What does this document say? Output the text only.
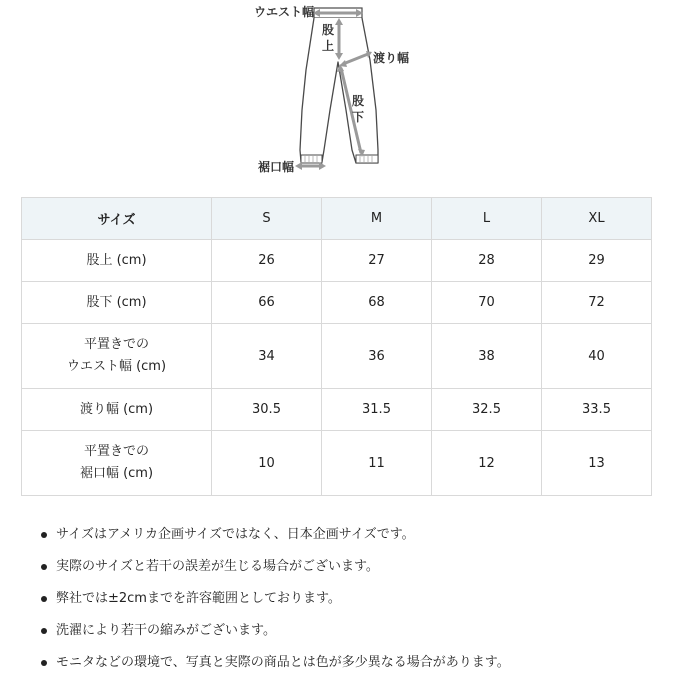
ウエスト幅
股上
渡り幅
股下
裾口幅
サイズ	S	M	L	XL

股上 (cm)	26	27	28	29

股下 (cm)	66	68	70	72

平置きでの
ウエスト幅 (cm)	34	36	38	40

渡り幅 (cm)	30.5	31.5	32.5	33.5

平置きでの
裾口幅 (cm)	10	11	12	13
サイズはアメリカ企画サイズではなく、日本企画サイズです。
実際のサイズと若干の誤差が生じる場合がございます。
弊社では±2cmまでを許容範囲としております。
洗濯により若干の縮みがございます。
モニタなどの環境で、写真と実際の商品とは色が多少異なる場合があります。
